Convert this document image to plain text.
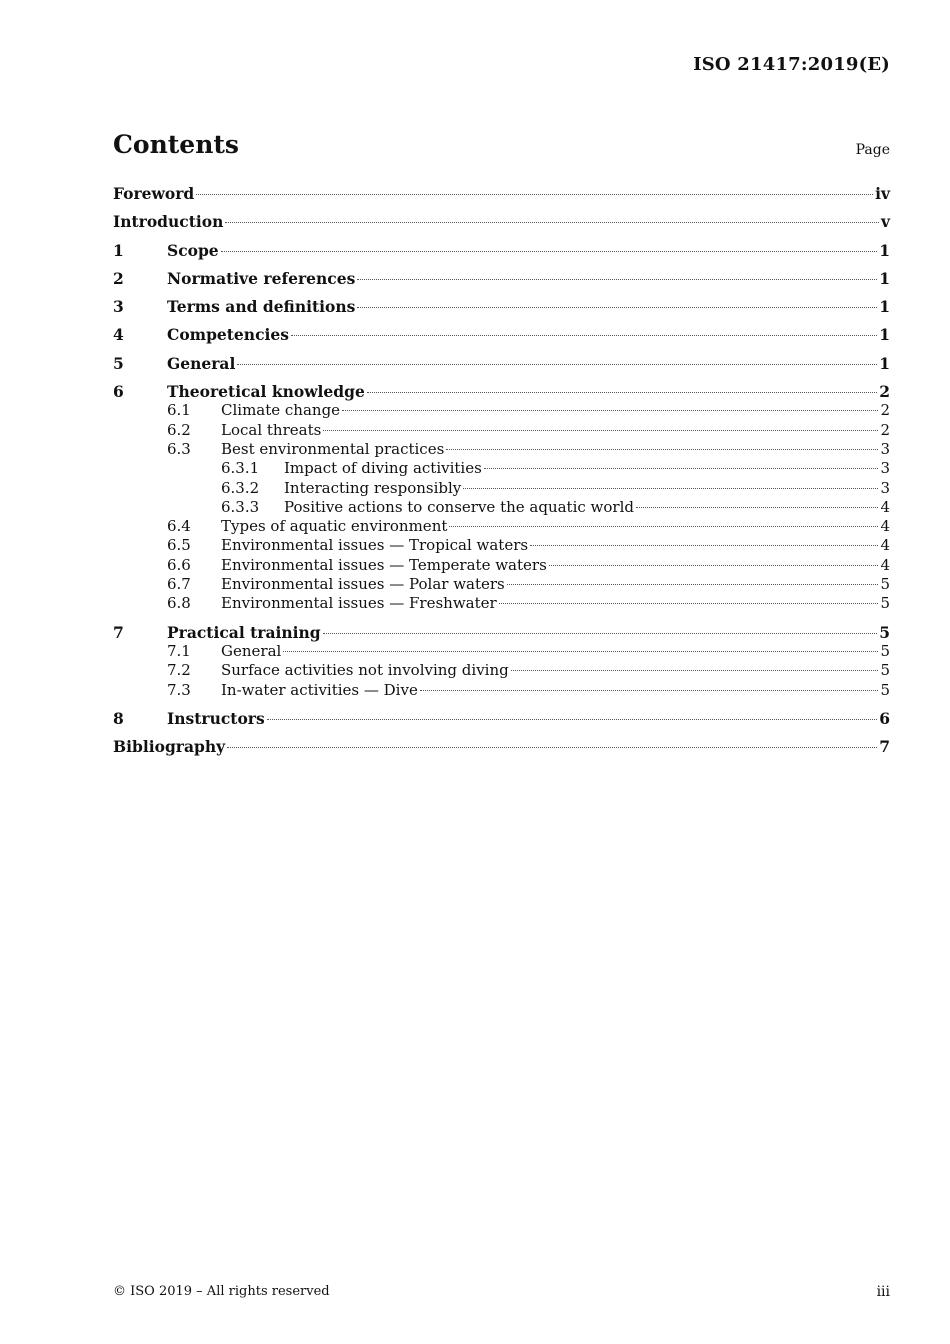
ISO 21417:2019(E)
Contents	Page
Foreword	iv
Introduction	v
1	Scope	1
2	Normative references	1
3	Terms and definitions	1
4	Competencies	1
5	General	1
6	Theoretical knowledge	2
6.1	Climate change	2
6.2	Local threats	2
6.3	Best environmental practices	3
6.3.1	Impact of diving activities	3
6.3.2	Interacting responsibly	3
6.3.3	Positive actions to conserve the aquatic world	4
6.4	Types of aquatic environment	4
6.5	Environmental issues — Tropical waters	4
6.6	Environmental issues — Temperate waters	4
6.7	Environmental issues — Polar waters	5
6.8	Environmental issues — Freshwater	5
7	Practical training	5
7.1	General	5
7.2	Surface activities not involving diving	5
7.3	In-water activities — Dive	5
8	Instructors	6
Bibliography	7
© ISO 2019 – All rights reserved	iii
